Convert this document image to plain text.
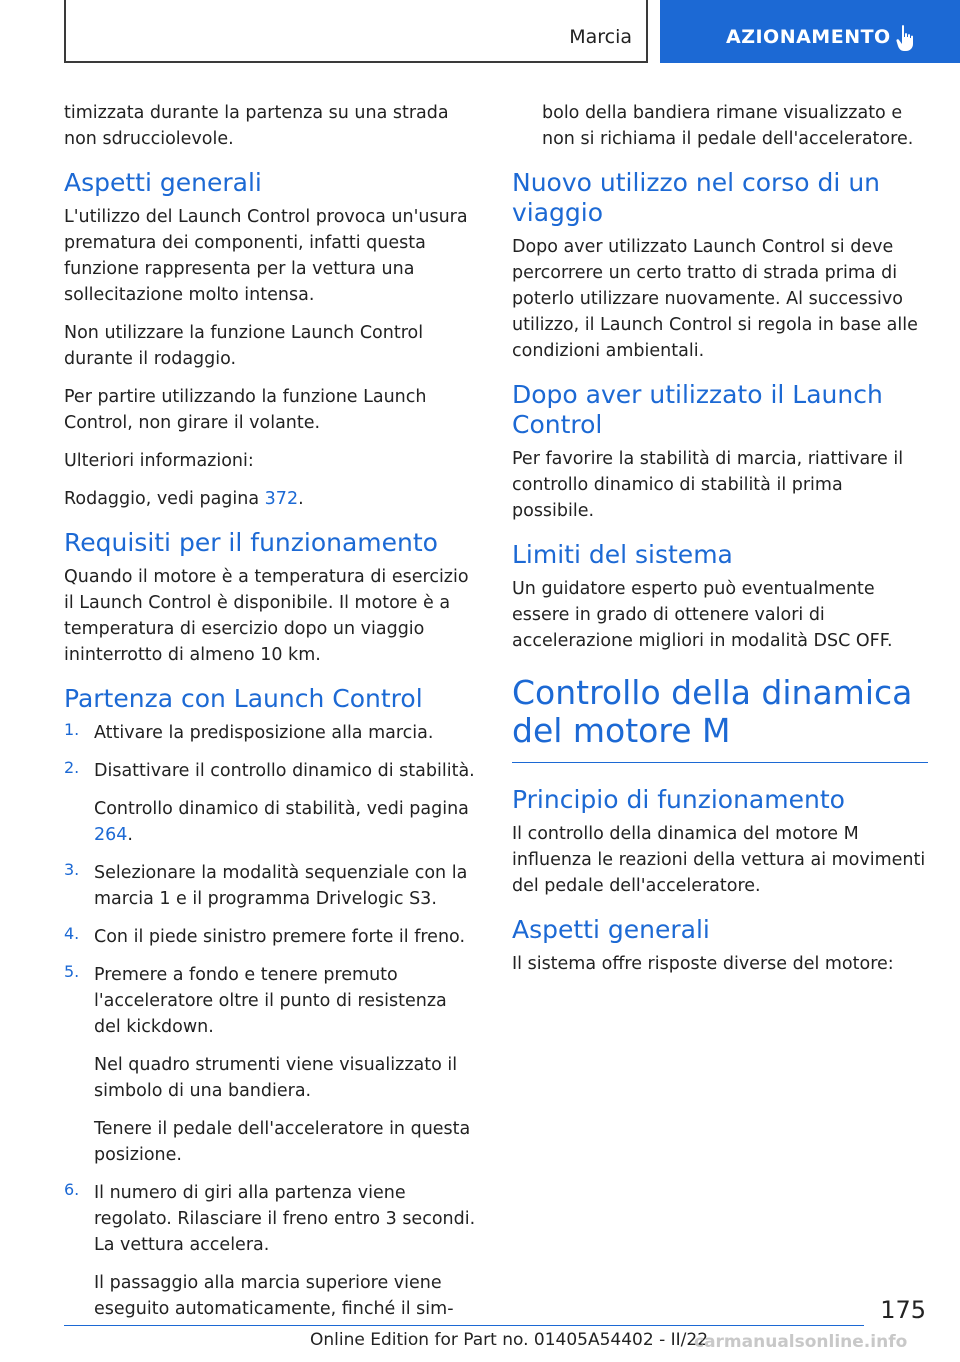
Marcia	AZIONAMENTO

timizzata durante la partenza su una strada non sdrucciolevole.

Aspetti generali

L'utilizzo del Launch Control provoca un'usura prematura dei componenti, infatti questa funzione rappresenta per la vettura una sollecitazione molto intensa.

Non utilizzare la funzione Launch Control durante il rodaggio.

Per partire utilizzando la funzione Launch Control, non girare il volante.

Ulteriori informazioni:

Rodaggio, vedi pagina 372.

Requisiti per il funzionamento

Quando il motore è a temperatura di esercizio il Launch Control è disponibile. Il motore è a temperatura di esercizio dopo un viaggio ininterrotto di almeno 10 km.

Partenza con Launch Control
1. Attivare la predisposizione alla marcia.

2. Disattivare il controllo dinamico di stabilità.

Controllo dinamico di stabilità, vedi pagina 264.

3. Selezionare la modalità sequenziale con la marcia 1 e il programma Drivelogic S3.

4. Con il piede sinistro premere forte il freno.

5. Premere a fondo e tenere premuto l'acceleratore oltre il punto di resistenza del kickdown.

Nel quadro strumenti viene visualizzato il simbolo di una bandiera.

Tenere il pedale dell'acceleratore in questa posizione.

6. Il numero di giri alla partenza viene regolato. Rilasciare il freno entro 3 secondi. La vettura accelera.

Il passaggio alla marcia superiore viene eseguito automaticamente, finché il sim-

bolo della bandiera rimane visualizzato e non si richiama il pedale dell'acceleratore.

Nuovo utilizzo nel corso di un viaggio

Dopo aver utilizzato Launch Control si deve percorrere un certo tratto di strada prima di poterlo utilizzare nuovamente. Al successivo utilizzo, il Launch Control si regola in base alle condizioni ambientali.

Dopo aver utilizzato il Launch Control

Per favorire la stabilità di marcia, riattivare il controllo dinamico di stabilità il prima possibile.

Limiti del sistema

Un guidatore esperto può eventualmente essere in grado di ottenere valori di accelerazione migliori in modalità DSC OFF.

Controllo della dinamica del motore M
Principio di funzionamento

Il controllo della dinamica del motore M influenza le reazioni della vettura ai movimenti del pedale dell'acceleratore.

Aspetti generali

Il sistema offre risposte diverse del motore:

175
Online Edition for Part no. 01405A54402 - II/22
carmanualsonline.info
